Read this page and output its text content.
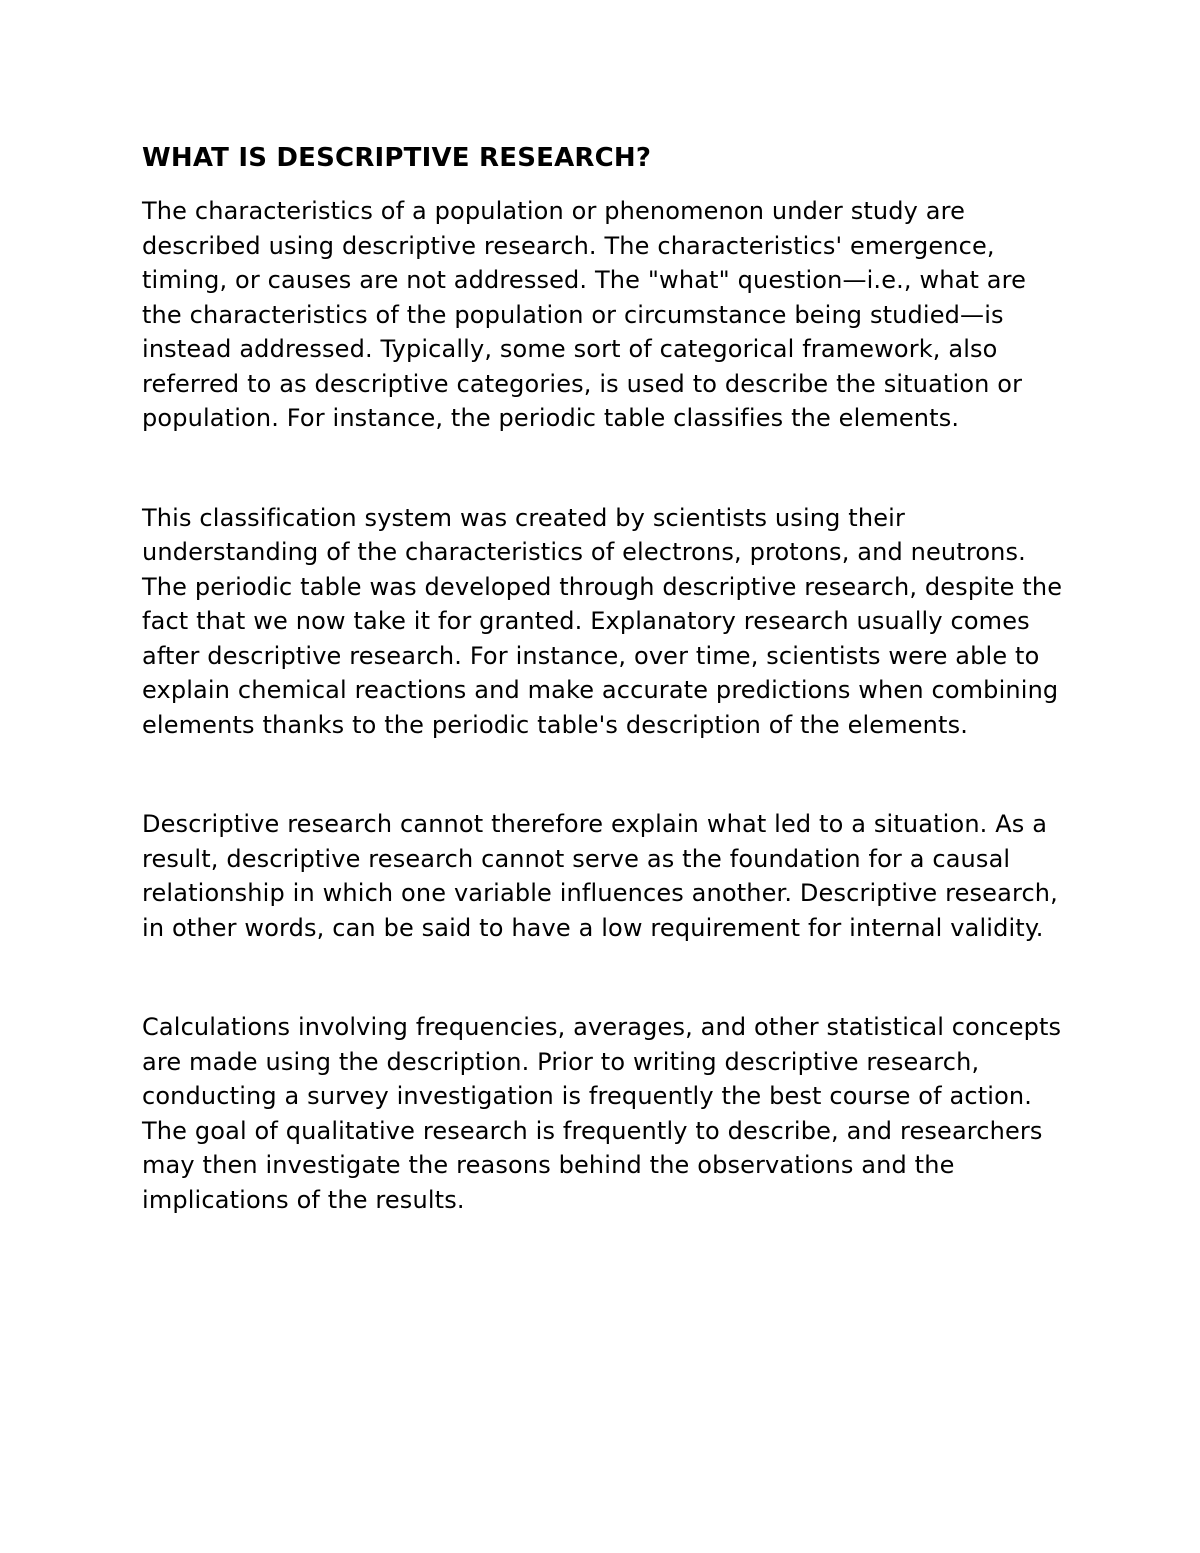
WHAT IS DESCRIPTIVE RESEARCH?

The characteristics of a population or phenomenon under study are described using descriptive research. The characteristics' emergence, timing, or causes are not addressed. The "what" question—i.e., what are the characteristics of the population or circumstance being studied—is instead addressed. Typically, some sort of categorical framework, also referred to as descriptive categories, is used to describe the situation or population. For instance, the periodic table classifies the elements.

This classification system was created by scientists using their understanding of the characteristics of electrons, protons, and neutrons. The periodic table was developed through descriptive research, despite the fact that we now take it for granted. Explanatory research usually comes after descriptive research. For instance, over time, scientists were able to explain chemical reactions and make accurate predictions when combining elements thanks to the periodic table's description of the elements.

Descriptive research cannot therefore explain what led to a situation. As a result, descriptive research cannot serve as the foundation for a causal relationship in which one variable influences another. Descriptive research, in other words, can be said to have a low requirement for internal validity.

Calculations involving frequencies, averages, and other statistical concepts are made using the description. Prior to writing descriptive research, conducting a survey investigation is frequently the best course of action. The goal of qualitative research is frequently to describe, and researchers may then investigate the reasons behind the observations and the implications of the results.
